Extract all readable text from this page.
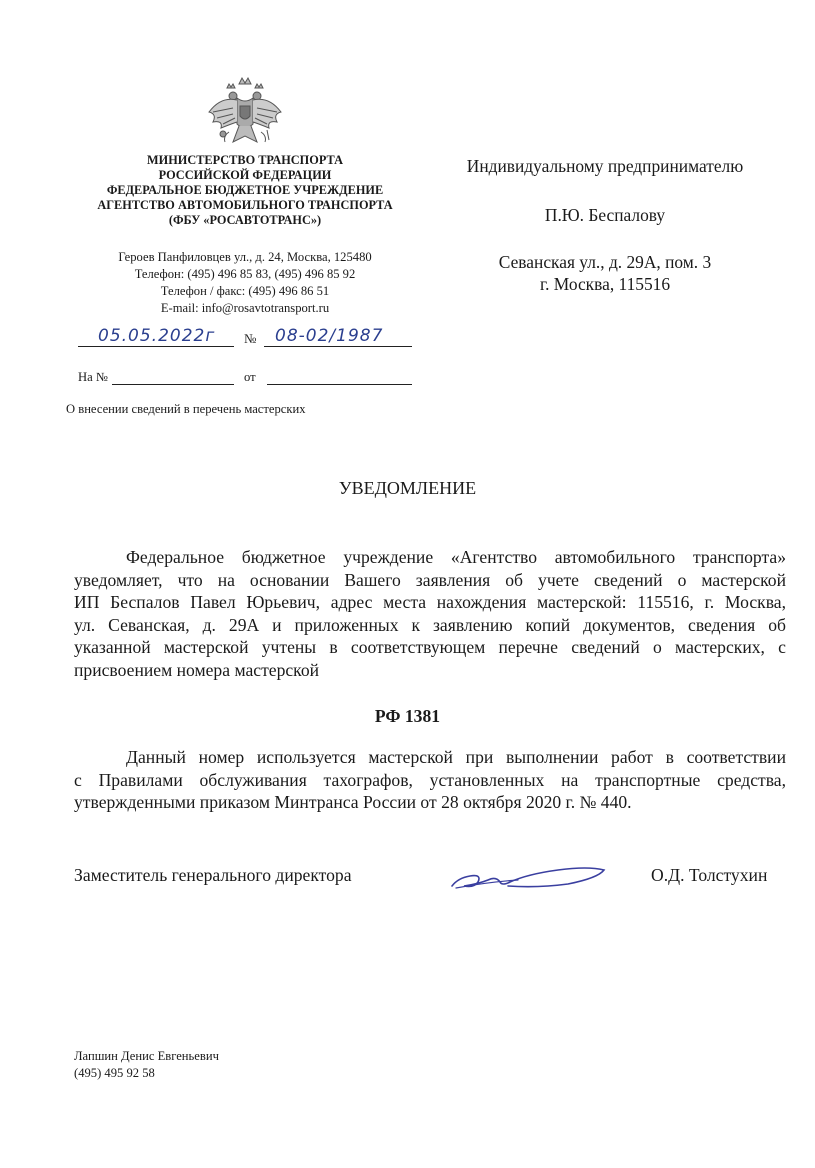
МИНИСТЕРСТВО ТРАНСПОРТА
РОССИЙСКОЙ ФЕДЕРАЦИИ
ФЕДЕРАЛЬНОЕ БЮДЖЕТНОЕ УЧРЕЖДЕНИЕ
АГЕНТСТВО АВТОМОБИЛЬНОГО ТРАНСПОРТА
(ФБУ «РОСАВТОТРАНС»)
Героев Панфиловцев ул., д. 24, Москва, 125480
Телефон: (495) 496 85 83, (495) 496 85 92
Телефон / факс: (495) 496 86 51
E-mail: info@rosavtotransport.ru
05.05.2022г № 08-02/1987
На №	от
О внесении сведений в перечень мастерских
Индивидуальному предпринимателю
П.Ю. Беспалову
Севанская ул., д. 29А, пом. 3
г. Москва, 115516
УВЕДОМЛЕНИЕ
Федеральное бюджетное учреждение «Агентство автомобильного транспорта»
уведомляет, что на основании Вашего заявления об учете сведений о мастерской
ИП Беспалов Павел Юрьевич, адрес места нахождения мастерской: 115516, г. Москва,
ул. Севанская, д. 29А и приложенных к заявлению копий документов, сведения об
указанной мастерской учтены в соответствующем перечне сведений о мастерских, с
присвоением номера мастерской
РФ 1381
Данный номер используется мастерской при выполнении работ в соответствии
с Правилами обслуживания тахографов, установленных на транспортные средства,
утвержденными приказом Минтранса России от 28 октября 2020 г. № 440.
Заместитель генерального директора	О.Д. Толстухин
Лапшин Денис Евгеньевич
(495) 495 92 58
